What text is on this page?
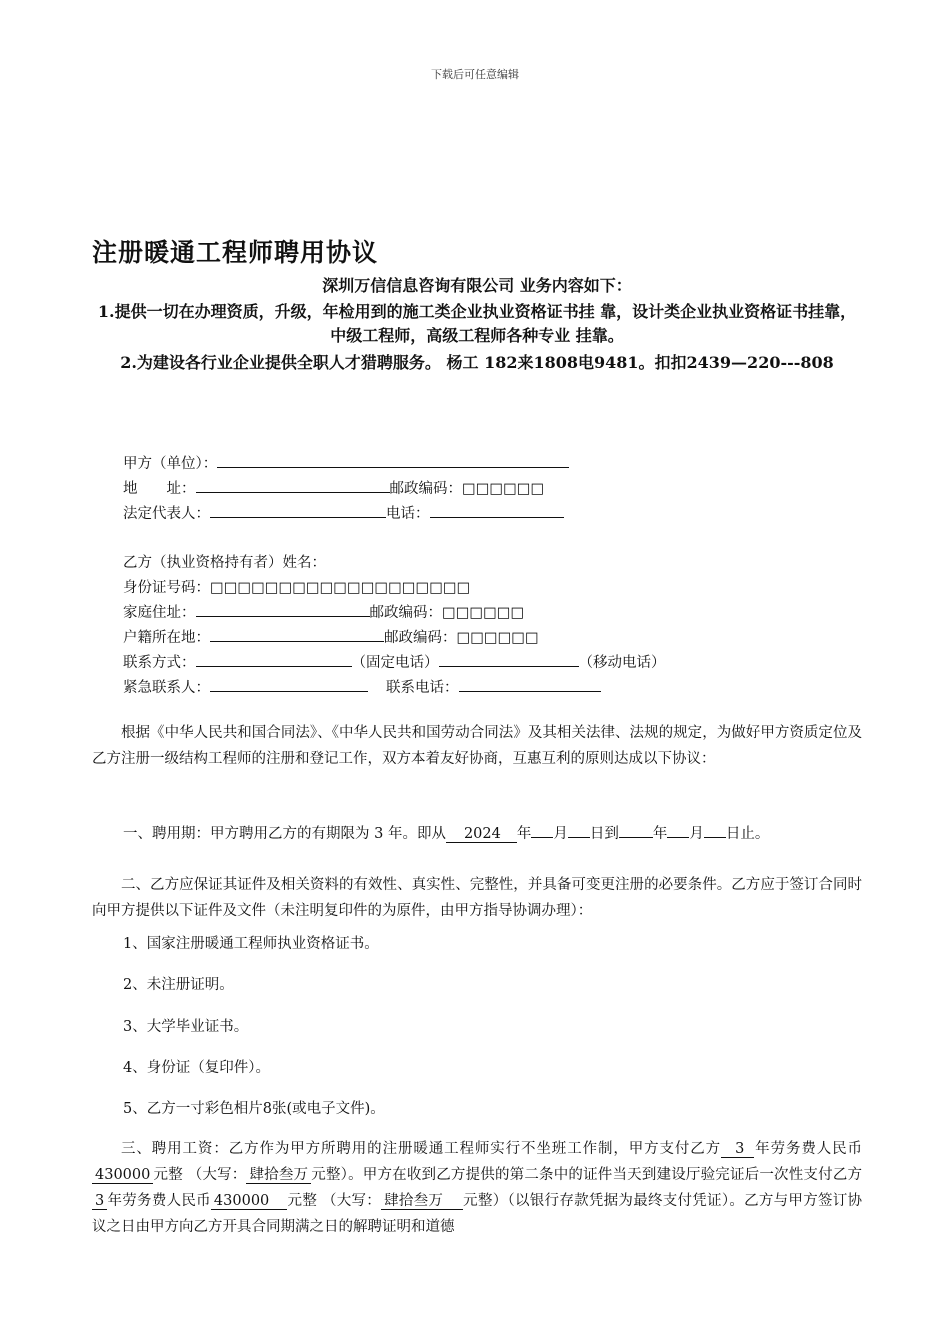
下载后可任意编辑
注册暖通工程师聘用协议
深圳万信信息咨询有限公司 业务内容如下：
1.提供一切在办理资质，升级，年检用到的施工类企业执业资格证书挂 靠，设计类企业执业资格证书挂靠，中级工程师，高级工程师各种专业 挂靠。
2.为建设各行业企业提供全职人才猎聘服务。 杨工 182来1808电9481。扣扣2439—220---808
甲方（单位）：
地　　址：	邮政编码：□□□□□□
法定代表人：	电话：
乙方（执业资格持有者）姓名：
身份证号码：□□□□□□□□□□□□□□□□□□□
家庭住址：	邮政编码：□□□□□□
户籍所在地：	邮政编码：□□□□□□
联系方式：	（固定电话）	（移动电话）
紧急联系人：	联系电话：
根据《中华人民共和国合同法》、《中华人民共和国劳动合同法》及其相关法律、法规的规定，为做好甲方资质定位及乙方注册一级结构工程师的注册和登记工作，双方本着友好协商，互惠互利的原则达成以下协议：
一、聘用期：甲方聘用乙方的有期限为 3 年。即从 2024 年 月 日到 年 月 日止。
二、乙方应保证其证件及相关资料的有效性、真实性、完整性，并具备可变更注册的必要条件。乙方应于签订合同时向甲方提供以下证件及文件（未注明复印件的为原件，由甲方指导协调办理）：
1、国家注册暖通工程师执业资格证书。
2、未注册证明。
3、大学毕业证书。
4、身份证（复印件）。
5、乙方一寸彩色相片8张(或电子文件)。
三、聘用工资：乙方作为甲方所聘用的注册暖通工程师实行不坐班工作制，甲方支付乙方 3 年劳务费人民币430000 元整 （大写： 肆拾叁万 元整）。甲方在收到乙方提供的第二条中的证件当天到建设厅验完证后一次性支付乙方3 年劳务费人民币 430000 元整 （大写： 肆拾叁万 元整）（以银行存款凭据为最终支付凭证）。乙方与甲方签订协议之日由甲方向乙方开具合同期满之日的解聘证明和道德
